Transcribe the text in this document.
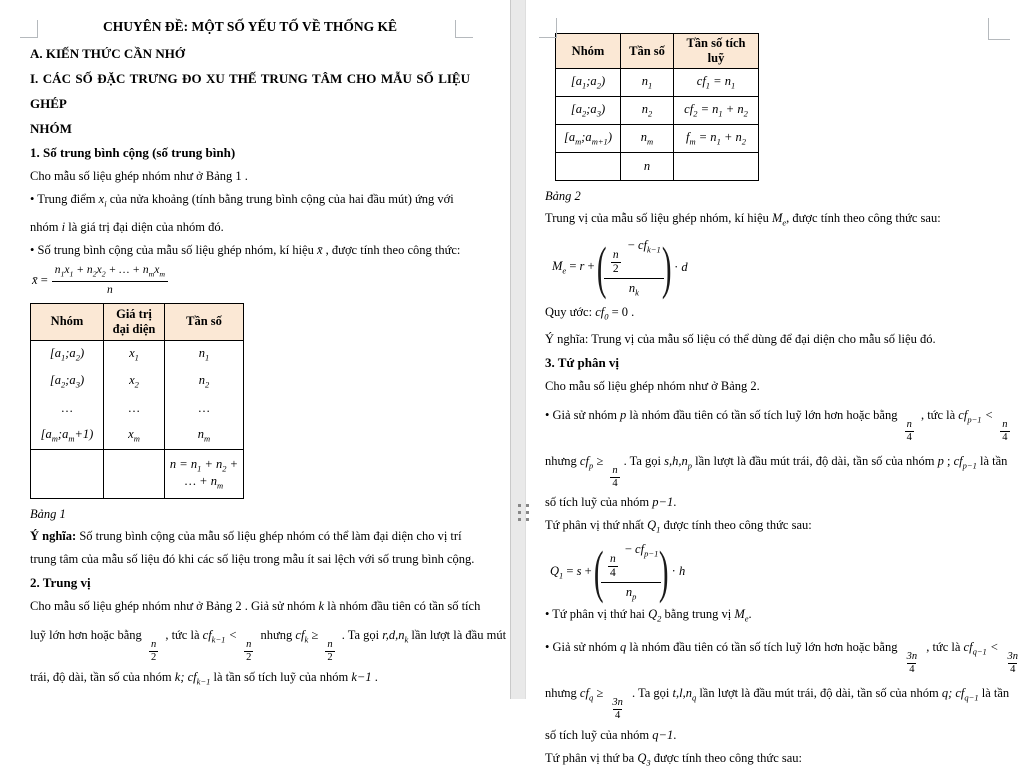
CHUYÊN ĐỀ: MỘT SỐ YẾU TỐ VỀ THỐNG KÊ
A. KIẾN THỨC CẦN NHỚ
I. CÁC SỐ ĐẶC TRƯNG ĐO XU THẾ TRUNG TÂM CHO MẪU SỐ LIỆU GHÉP
NHÓM
1. Số trung bình cộng (số trung bình)
Cho mẫu số liệu ghép nhóm như ở Bảng 1 .
• Trung điểm $x_i$ của nửa khoảng (tính bằng trung bình cộng của hai đầu mút) ứng với
nhóm i là giá trị đại diện của nhóm đó.
• Số trung bình cộng của mẫu số liệu ghép nhóm, kí hiệu x̄ , được tính theo công thức:
x̄ =
$n_1x_1 + n_2x_2$ + … + $n_mx_m$
n
Nhóm	Giá trị đại diện	Tần số
$[a_1;a_2)$	$x_1$	$n_1$
$[a_2;a_3)$	$x_2$	$n_2$
…	…	…
$[a_m;a_m+1)$	$x_m$	$n_m$

		$n = n_1 + n_2$ +
… + $n_m$
Bảng 1
Ý nghĩa: Số trung bình cộng của mẫu số liệu ghép nhóm có thể làm đại diện cho vị trí
trung tâm của mẫu số liệu đó khi các số liệu trong mẫu ít sai lệch với số trung bình cộng.
2. Trung vị
Cho mẫu số liệu ghép nhóm như ở Bảng 2 . Giả sử nhóm k là nhóm đầu tiên có tần số tích
luỹ lớn hơn hoặc bằng
$\frac{n}{2}$
, tức là $cf_{k-1}$ <
$\frac{n}{2}$
nhưng $cf_k$ ≥
$\frac{n}{2}$
. Ta gọi $r,d,n_k$ lần lượt là đầu mút
trái, độ dài, tần số của nhóm k; $cf_{k-1}$ là tần số tích luỹ của nhóm k−1 .
Nhóm	Tần số	Tần số tích luỹ
$[a_1;a_2)$	$n_1$	$cf_1 = n_1$
$[a_2;a_3)$	$n_2$	$cf_2 = n_1 + n_2$
$[a_m;a_{m+1})$	$n_m$	$f_m = n_1 + n_2$
	n	
Bảng 2
Trung vị của mẫu số liệu ghép nhóm, kí hiệu $M_e$, được tính theo công thức sau:
$M_e = r$ + ( $\frac{n}{2}$
− $cf_{k-1}$
$n_k$ ) · d
Quy ước: $cf_0 = 0$ .
Ý nghĩa: Trung vị của mẫu số liệu có thể dùng để đại diện cho mẫu số liệu đó.
3. Tứ phân vị
Cho mẫu số liệu ghép nhóm như ở Bảng 2.
• Giả sử nhóm p là nhóm đầu tiên có tần số tích luỹ lớn hơn hoặc bằng
$\frac{n}{4}$
, tức là $cf_{p-1}$ <
$\frac{n}{4}$
nhưng $cf_p$ ≥
$\frac{n}{4}$
. Ta gọi $s,h,n_p$ lần lượt là đầu mút trái, độ dài, tần số của nhóm p ; $cf_{p-1}$ là tần
số tích luỹ của nhóm p−1.
Tứ phân vị thứ nhất $Q_1$ được tính theo công thức sau:
$Q_1 = s$ + ( $\frac{n}{4}$
− $cf_{p-1}$
$n_p$ ) · h
• Tứ phân vị thứ hai $Q_2$ bằng trung vị $M_e$.
• Giả sử nhóm q là nhóm đầu tiên có tần số tích luỹ lớn hơn hoặc bằng
$\frac{3n}{4}$
, tức là $cf_{q-1}$ <
$\frac{3n}{4}$
nhưng $cf_q$ ≥
$\frac{3n}{4}$
. Ta gọi $t,l,n_q$ lần lượt là đầu mút trái, độ dài, tần số của nhóm q; $cf_{q-1}$ là tần
số tích luỹ của nhóm q−1.
Tứ phân vị thứ ba $Q_3$ được tính theo công thức sau:
